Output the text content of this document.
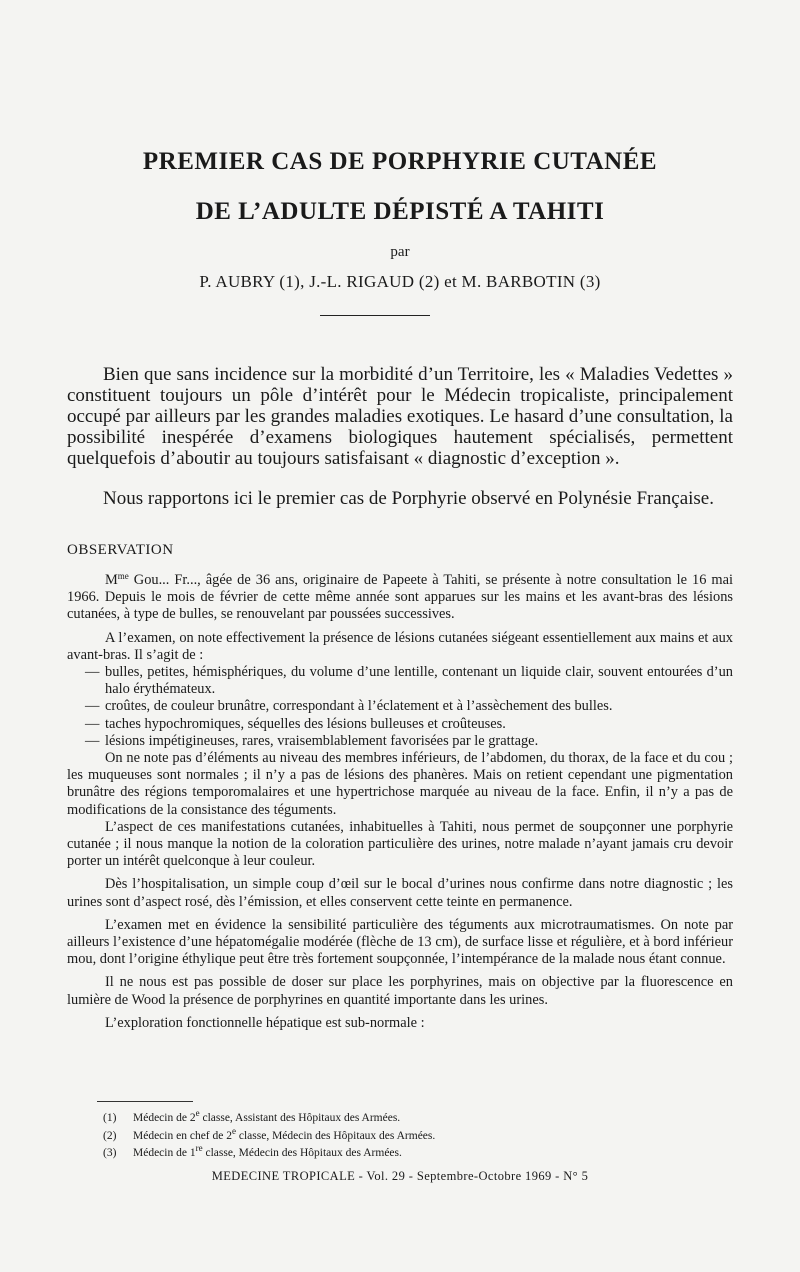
PREMIER CAS DE PORPHYRIE CUTANÉE
DE L’ADULTE DÉPISTÉ A TAHITI
par
P. AUBRY (1), J.-L. RIGAUD (2) et M. BARBOTIN (3)

Bien que sans incidence sur la morbidité d’un Territoire, les « Maladies Vedettes » constituent toujours un pôle d’intérêt pour le Médecin tropicaliste, principalement occupé par ailleurs par les grandes maladies exotiques. Le hasard d’une consultation, la possibilité inespérée d’examens biologiques hautement spécialisés, permettent quelquefois d’aboutir au toujours satisfaisant « diagnostic d’exception ».

Nous rapportons ici le premier cas de Porphyrie observé en Polynésie Française.

OBSERVATION

$M^{me}$ Gou... Fr..., âgée de 36 ans, originaire de Papeete à Tahiti, se présente à notre consultation le 16 mai 1966. Depuis le mois de février de cette même année sont apparues sur les mains et les avant-bras des lésions cutanées, à type de bulles, se renouvelant par poussées successives.

A l’examen, on note effectivement la présence de lésions cutanées siégeant essentiellement aux mains et aux avant-bras. Il s’agit de :

— bulles, petites, hémisphériques, du volume d’une lentille, contenant un liquide clair, souvent entourées d’un halo érythémateux.
— croûtes, de couleur brunâtre, correspondant à l’éclatement et à l’assèchement des bulles.
— taches hypochromiques, séquelles des lésions bulleuses et croûteuses.
— lésions impétigineuses, rares, vraisemblablement favorisées par le grattage.

On ne note pas d’éléments au niveau des membres inférieurs, de l’abdomen, du thorax, de la face et du cou ; les muqueuses sont normales ; il n’y a pas de lésions des phanères. Mais on retient cependant une pigmentation brunâtre des régions temporomalaires et une hypertrichose marquée au niveau de la face. Enfin, il n’y a pas de modifications de la consistance des téguments.

L’aspect de ces manifestations cutanées, inhabituelles à Tahiti, nous permet de soupçonner une porphyrie cutanée ; il nous manque la notion de la coloration particulière des urines, notre malade n’ayant jamais cru devoir porter un intérêt quelconque à leur couleur.

Dès l’hospitalisation, un simple coup d’œil sur le bocal d’urines nous confirme dans notre diagnostic ; les urines sont d’aspect rosé, dès l’émission, et elles conservent cette teinte en permanence.

L’examen met en évidence la sensibilité particulière des téguments aux microtraumatismes. On note par ailleurs l’existence d’une hépatomégalie modérée (flèche de 13 cm), de surface lisse et régulière, et à bord inférieur mou, dont l’origine éthylique peut être très fortement soupçonnée, l’intempérance de la malade nous étant connue.

Il ne nous est pas possible de doser sur place les porphyrines, mais on objective par la fluorescence en lumière de Wood la présence de porphyrines en quantité importante dans les urines.

L’exploration fonctionnelle hépatique est sub-normale :

(1) Médecin de 2e classe, Assistant des Hôpitaux des Armées.
(2) Médecin en chef de 2e classe, Médecin des Hôpitaux des Armées.
(3) Médecin de 1re classe, Médecin des Hôpitaux des Armées.
MEDECINE TROPICALE - Vol. 29 - Septembre-Octobre 1969 - N° 5
